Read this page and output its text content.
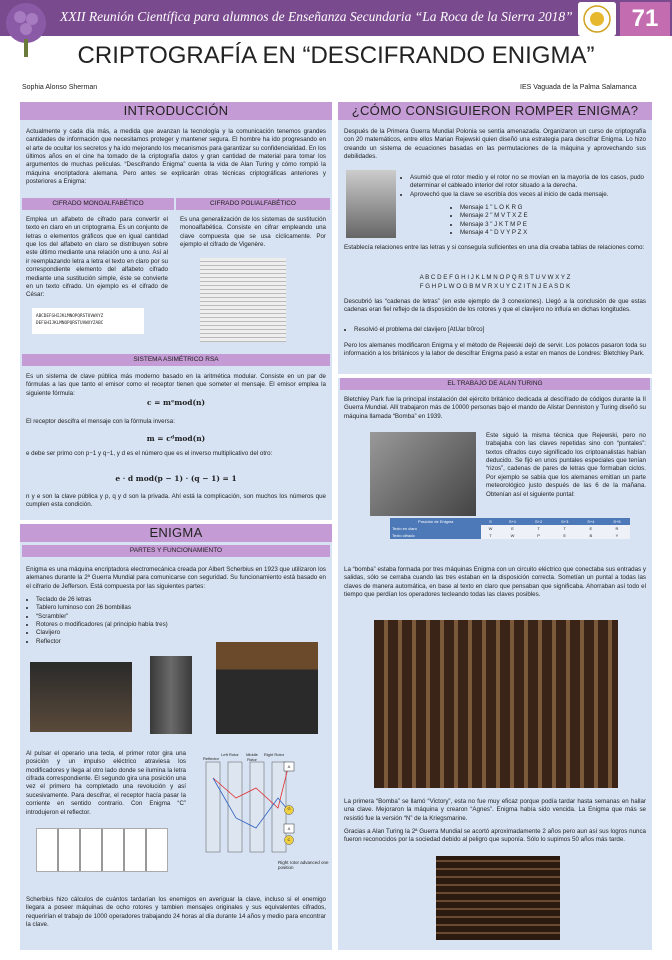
XXII Reunión Científica para alumnos de Enseñanza Secundaria “La Roca de la Sierra 2018”	71
CRIPTOGRAFÍA EN “DESCIFRANDO ENIGMA”
Sophia Alonso Sherman	IES Vaguada de la Palma Salamanca
INTRODUCCIÓN
Actualmente y cada día más, a medida que avanzan la tecnología y la comunicación tenemos grandes cantidades de información que necesitamos proteger y mantener segura. El hombre ha ido progresando en el arte de ocultar los secretos y ha ido mejorando los mecanismos para garantizar su confidencialidad. En los últimos años en el cine ha tomado de la criptografía datos y gran cantidad de material para tomar los argumentos de muchas películas. “Descifrando Enigma” cuenta la vida de Alan Turing y cómo rompió la máquina encriptadora alemana. Pero antes se explicarán otras técnicas criptográficas anteriores y posteriores a Enigma:
CIFRADO MONOALFABÉTICO	CIFRADO POLIALFABÉTICO
Emplea un alfabeto de cifrado para convertir el texto en claro en un criptograma. Es un conjunto de letras o elementos gráficos que en igual cantidad que los del alfabeto en claro se distribuyen sobre este último mediante una relación uno a uno. Así al ir reemplazando letra a letra el texto en claro por su correspondiente elemento del alfabeto cifrado mediante una sustitución simple, éste se convierte en un texto cifrado. Un ejemplo es el cifrado de César:
ABCDEFGHIJKLMNOPQRSTUVWXYZ
DEFGHIJKLMNOPQRSTUVWXYZABC
Es una generalización de los sistemas de sustitución monoalfabética. Consiste en cifrar empleando una clave compuesta que se usa cíclicamente. Por ejemplo el cifrado de Vigenère.
SISTEMA ASIMÉTRICO RSA
Es un sistema de clave pública más moderno basado en la aritmética modular. Consiste en un par de fórmulas a las que tanto el emisor como el receptor tienen que someter el mensaje. El emisor emplea la siguiente fórmula:
c = mᵉmod(n)
El receptor descifra el mensaje con la fórmula inversa:
m = cᵈmod(n)
e debe ser primo con p−1 y q−1, y d es el número que es el inverso multiplicativo del otro:
e · d mod(p − 1) · (q − 1) = 1
n y e son la clave pública y p, q y d son la privada. Ahí está la complicación, son muchos los números que cumplen esta condición.
ENIGMA
PARTES Y FUNCIONAMIENTO
Enigma es una máquina encriptadora electromecánica creada por Albert Scherbius en 1923 que utilizaron los alemanes durante la 2ª Guerra Mundial para comunicarse con seguridad. Su funcionamiento está basado en el cifrario de Jefferson. Está compuesta por las siguientes partes:
• Teclado de 26 letras
• Tablero luminoso con 26 bombillas
• “Scrambler”
• Rotores o modificadores (al principio había tres)
• Clavijero
• Reflector
Al pulsar el operario una tecla, el primer rotor gira una posición y un impulso eléctrico atraviesa los modificadores y llega al otro lado donde se ilumina la letra cifrada correspondiente. El segundo gira una posición una vez el primero ha completado una revolución y así sucesivamente. Para descifrar, el receptor hacía pasar la corriente en sentido contrario. Con Enigma “C” introdujeron el reflector.
Reflector
Left Rotor	Middle Rotor
Right Rotor
A
G
A
C
Right rotor advanced one position
Scherbius hizo cálculos de cuántos tardarían los enemigos en averiguar la clave, incluso si el enemigo llegara a poseer máquinas de ocho rotores y tambien mensajes originales y sus equivalentes cifrados, requerirían el trabajo de 1000 operadores trabajando 24 horas al día durante 14 años y medio para encontrar la clave.
¿CÓMO CONSIGUIERON ROMPER ENIGMA?
Después de la Primera Guerra Mundial Polonia se sentía amenazada. Organizaron un curso de criptografía con 20 matemáticos, entre ellos Marian Rejewski quien diseñó una estrategia para descifrar Enigma. Lo hizo creando un sistema de ecuaciones basadas en las permutaciones de la máquina y aprovechando sus debilidades.
• Asumió que el rotor medio y el rotor no se movían en la mayoría de los casos, pudo determinar el cableado interior del rotor situado a la derecha.
• Aprovechó que la clave se escribía dos veces al inicio de cada mensaje.
• Mensaje 1 " L O K R G
• Mensaje 2 " M V T X Z E
• Mensaje 3 " J K T M P E
• Mensaje 4 " D V Y P Z X
Establecía relaciones entre las letras y si conseguía suficientes en una día creaba tablas de relaciones como:
A B C D E F G H I J K L M N O P Q R S T U V W X Y Z
F G H P L W O G B M V R X U Y C Z I T N J E A S D K
Descubrió las “cadenas de letras” (en este ejemplo de 3 conexiones). Llegó a la conclusión de que estas cadenas eran fiel reflejo de la disposición de los rotores y que el clavijero no influía en dichas longitudes.
• Resolvió el problema del clavijero [AtUar b0rco]
Pero los alemanes modificaron Enigma y el método de Rejewski dejó de servir. Los polacos pasaron toda su información a los británicos y la labor de descifrar Enigma pasó a estar en manos de Londres: Bletchley Park.
EL TRABAJO DE ALAN TURING
Bletchley Park fue la principal instalación del ejército británico dedicada al descifrado de códigos durante la II Guerra Mundial. Allí trabajaron más de 10000 personas bajo el mando de Alistar Denniston y Turing diseñó su máquina llamada “Bomba” en 1939.
Este siguió la misma técnica que Rejewski, pero no trabajaba con las claves repetidas sino con “puntales”: textos cifrados cuyo significado los criptoanalistas habían deducido. Se fijó en unos puntales especiales que tenían “rizos”, cadenas de pares de letras que formaban ciclos. Por ejemplo se sabía que los alemanes emitían un parte meteorológico justo después de las 6 de la mañana. Obtenían así el siguiente puntal:
Posición de Enigma	S	S+1	S+2	S+3	S+4	S+5
Texto en claro	W	E	T	T	E	R
Texto cifrado	T	W	P	E	B	Y
La “bomba” estaba formada por tres máquinas Enigma con un circuito eléctrico que conectaba sus entradas y salidas, sólo se cerraba cuando las tres estaban en la disposición correcta. Sometían un puntal a todas las claves de manera automática, en base al texto en claro que pensaban que significaba. Ahorraban así todo el tiempo que perdían los operadores tecleando todas las claves posibles.
La primera “Bomba” se llamó “Victory”, esta no fue muy eficaz porque podía tardar hasta semanas en hallar una clave. Mejoraron la máquina y crearon “Agnes”. Enigma había sido vencida. La Enigma que más se resistió fue la versión “N” de la Kriegsmarine.
Gracias a Alan Turing la 2ª Guerra Mundial se acortó aproximadamente 2 años pero aun así sus logros nunca fueron reconocidos por la sociedad debido al peligro que suponía. Sólo lo supimos 50 años más tarde.
